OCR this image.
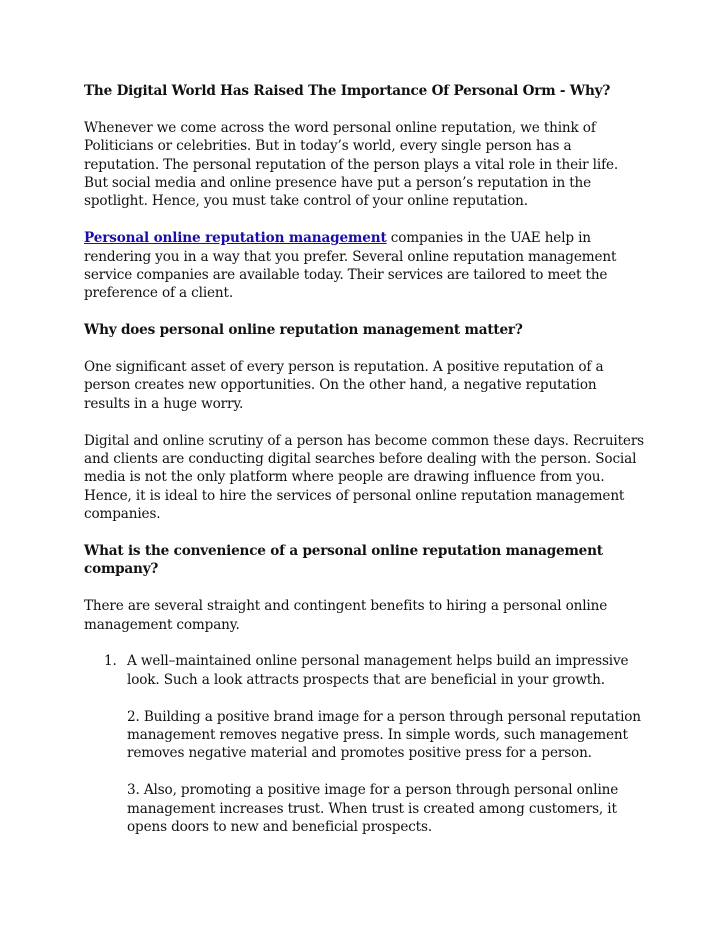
The Digital World Has Raised The Importance Of Personal Orm - Why?

Whenever we come across the word personal online reputation, we think of Politicians or celebrities. But in today’s world, every single person has a reputation. The personal reputation of the person plays a vital role in their life. But social media and online presence have put a person’s reputation in the spotlight. Hence, you must take control of your online reputation.

Personal online reputation management companies in the UAE help in rendering you in a way that you prefer. Several online reputation management service companies are available today. Their services are tailored to meet the preference of a client.

Why does personal online reputation management matter?

One significant asset of every person is reputation. A positive reputation of a person creates new opportunities. On the other hand, a negative reputation results in a huge worry.

Digital and online scrutiny of a person has become common these days. Recruiters and clients are conducting digital searches before dealing with the person. Social media is not the only platform where people are drawing influence from you. Hence, it is ideal to hire the services of personal online reputation management companies.

What is the convenience of a personal online reputation management company?

There are several straight and contingent benefits to hiring a personal online management company.

1. A well–maintained online personal management helps build an impressive look. Such a look attracts prospects that are beneficial in your growth.
2. Building a positive brand image for a person through personal reputation management removes negative press. In simple words, such management removes negative material and promotes positive press for a person.
3. Also, promoting a positive image for a person through personal online management increases trust. When trust is created among customers, it opens doors to new and beneficial prospects.
